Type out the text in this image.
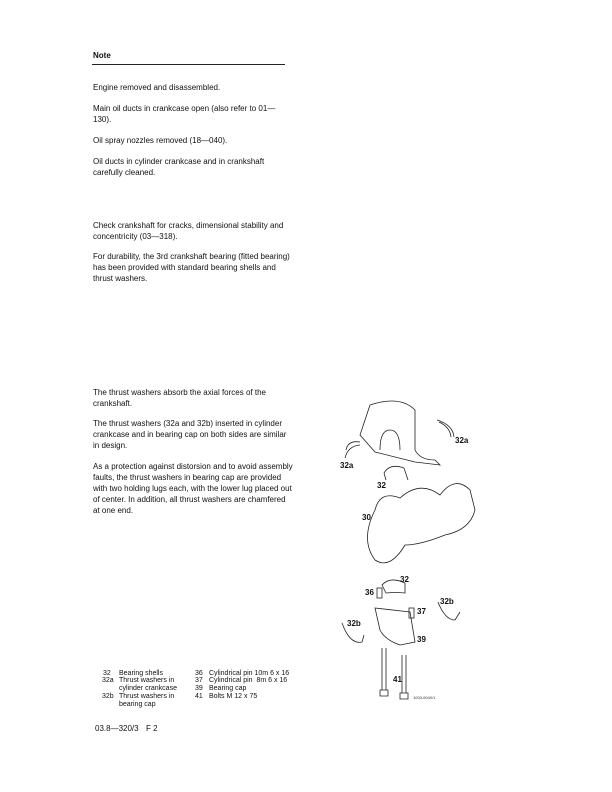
Note
Engine removed and disassembled.
Main oil ducts in crankcase open (also refer to 01—130).
Oil spray nozzles removed (18—040).
Oil ducts in cylinder crankcase and in crankshaft carefully cleaned.
Check crankshaft for cracks, dimensional stability and concentricity (03—318).
For durability, the 3rd crankshaft bearing (fitted bearing) has been provided with standard bearing shells and thrust washers.
The thrust washers absorb the axial forces of the crankshaft.
The thrust washers (32a and 32b) inserted in cylinder crankcase and in bearing cap on both sides are similar in design.
As a protection against distorsion and to avoid assembly faults, the thrust washers in bearing cap are provided with two holding lugs each, with the lower lug placed out of center. In addition, all thrust washers are chamfered at one end.
32a
32a
32
30
32
36
37
32b
32b
39
41
1003-6040/1
32 Bearing shells
32a Thrust washers in cylinder crankcase
32b Thrust washers in bearing cap
36 Cylindrical pin 10m 6 x 16
37 Cylindrical pin  8m 6 x 16
39 Bearing cap
41 Bolts M 12 x 75
03.8—320/3 F 2
